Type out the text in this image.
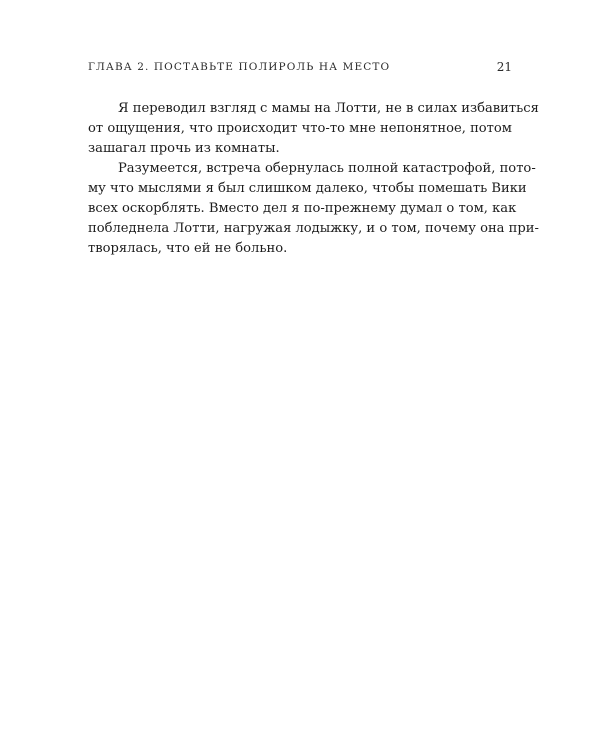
ГЛАВА 2. ПОСТАВЬТЕ ПОЛИРОЛЬ НА МЕСТО	21

Я переводил взгляд с мамы на Лотти, не в силах избавиться
от ощущения, что происходит что-то мне непонятное, потом
зашагал прочь из комнаты.

Разумеется, встреча обернулась полной катастрофой, пото-
му что мыслями я был слишком далеко, чтобы помешать Вики
всех оскорблять. Вместо дел я по-прежнему думал о том, как
побледнела Лотти, нагружая лодыжку, и о том, почему она при-
творялась, что ей не больно.
